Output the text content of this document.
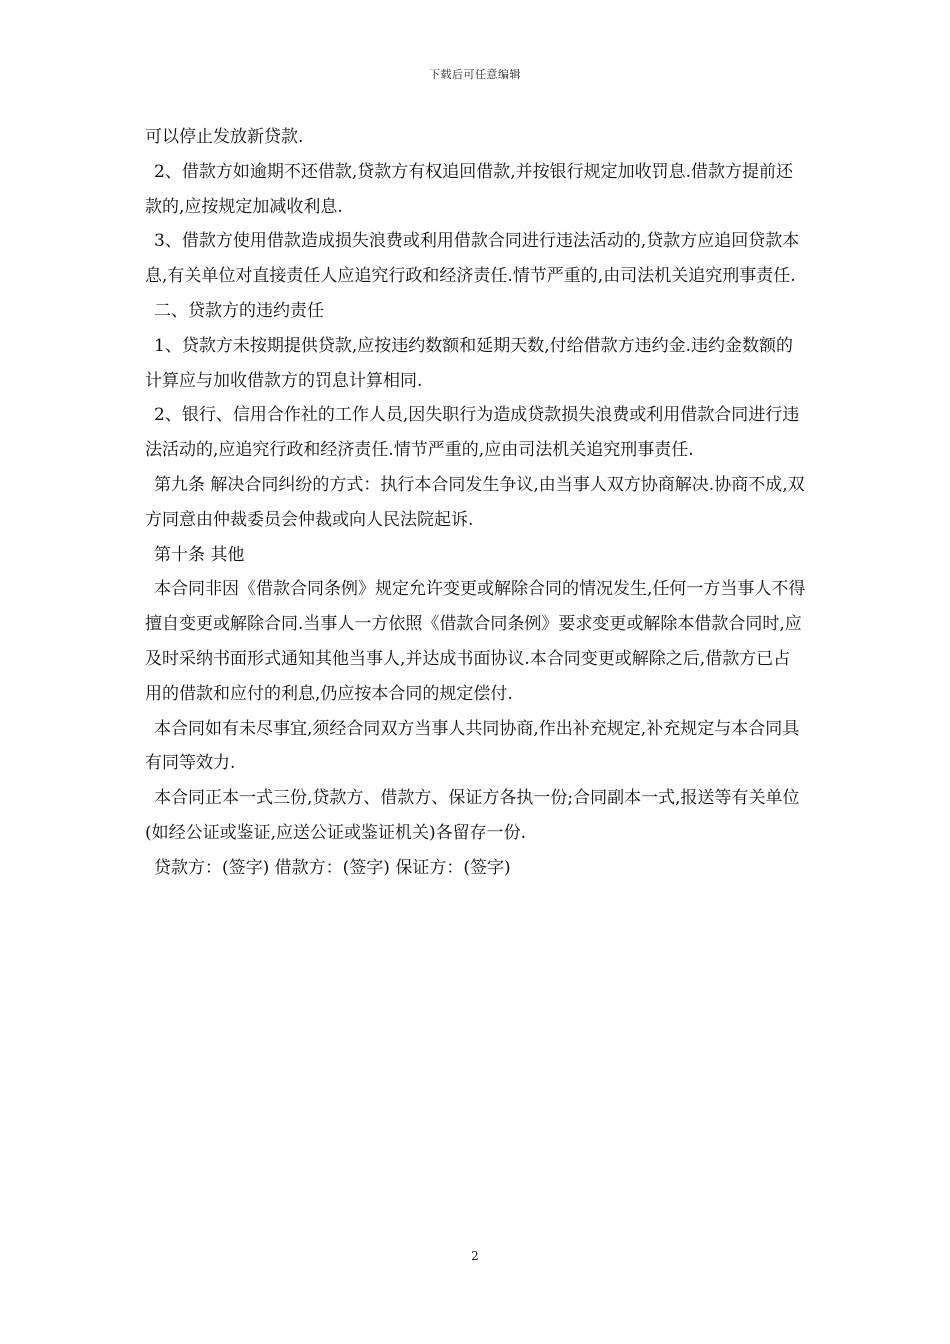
下载后可任意编辑

可以停止发放新贷款.

2、借款方如逾期不还借款,贷款方有权追回借款,并按银行规定加收罚息.借款方提前还款的,应按规定加减收利息.

3、借款方使用借款造成损失浪费或利用借款合同进行违法活动的,贷款方应追回贷款本息,有关单位对直接责任人应追究行政和经济责任.情节严重的,由司法机关追究刑事责任.

二、贷款方的违约责任

1、贷款方未按期提供贷款,应按违约数额和延期天数,付给借款方违约金.违约金数额的计算应与加收借款方的罚息计算相同.

2、银行、信用合作社的工作人员,因失职行为造成贷款损失浪费或利用借款合同进行违法活动的,应追究行政和经济责任.情节严重的,应由司法机关追究刑事责任.

第九条 解决合同纠纷的方式：执行本合同发生争议,由当事人双方协商解决.协商不成,双方同意由仲裁委员会仲裁或向人民法院起诉.

第十条 其他

本合同非因《借款合同条例》规定允许变更或解除合同的情况发生,任何一方当事人不得擅自变更或解除合同.当事人一方依照《借款合同条例》要求变更或解除本借款合同时,应及时采纳书面形式通知其他当事人,并达成书面协议.本合同变更或解除之后,借款方已占用的借款和应付的利息,仍应按本合同的规定偿付.

本合同如有未尽事宜,须经合同双方当事人共同协商,作出补充规定,补充规定与本合同具有同等效力.

本合同正本一式三份,贷款方、借款方、保证方各执一份;合同副本一式,报送等有关单位(如经公证或鉴证,应送公证或鉴证机关)各留存一份.

贷款方：(签字) 借款方：(签字) 保证方：(签字)

2
